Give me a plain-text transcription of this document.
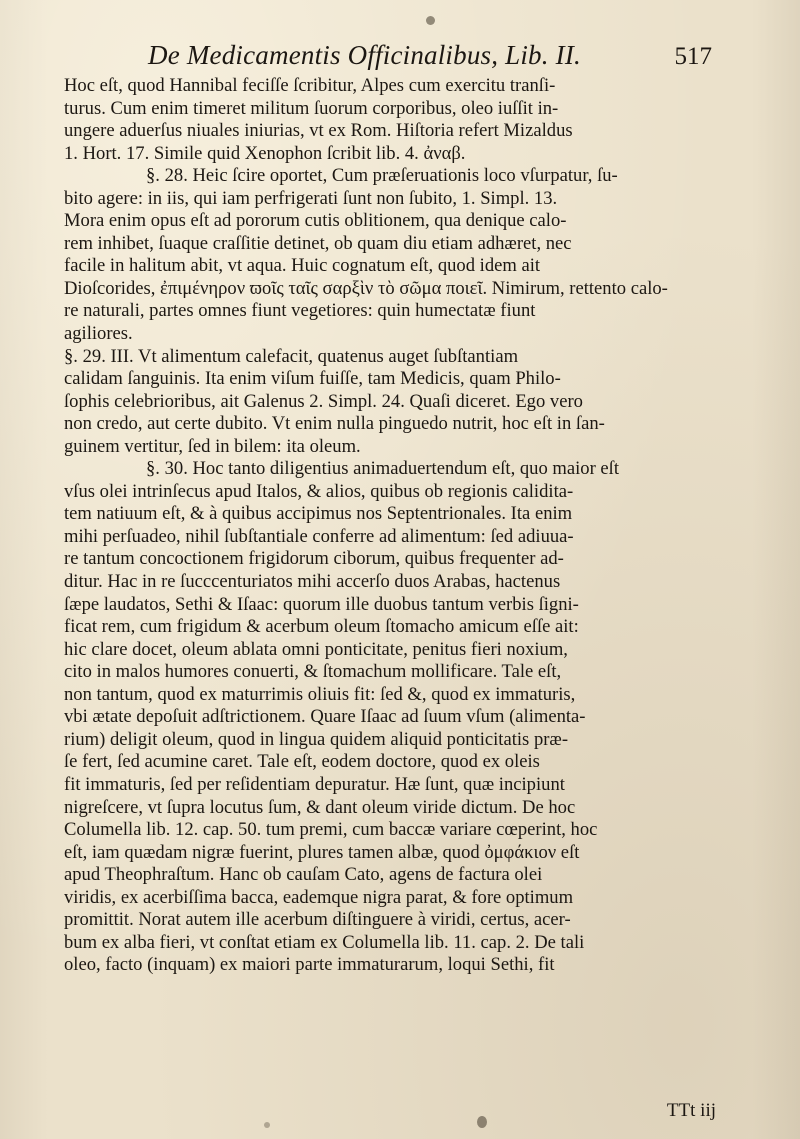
De Medicamentis Officinalibus, Lib. II.	517
Hoc eſt, quod Hannibal feciſſe ſcribitur, Alpes cum exercitu tranſi-
turus. Cum enim timeret militum ſuorum corporibus, oleo iuſſit in-
ungere aduerſus niuales iniurias, vt ex Rom. Hiſtoria refert Mizaldus
1. Hort. 17. Simile quid Xenophon ſcribit lib. 4. ἀναβ.
§. 28. Heic ſcire oportet, Cum præſeruationis loco vſurpatur, ſu-
bito agere: in iis, qui iam perfrigerati ſunt non ſubito, 1. Simpl. 13.
Mora enim opus eſt ad pororum cutis oblitionem, qua denique calo-
rem inhibet, ſuaque craſſitie detinet, ob quam diu etiam adhæret, nec
facile in halitum abit, vt aqua. Huic cognatum eſt, quod idem ait
Dioſcorides, ἐπιμένηρον ϖοῖς ταῖς σαρξὶν τὸ σῶμα ποιεῖ. Nimirum, rettento calo-
re naturali, partes omnes fiunt vegetiores: quin humectatæ fiunt
agiliores.
§. 29. III. Vt alimentum calefacit, quatenus auget ſubſtantiam
calidam ſanguinis. Ita enim viſum fuiſſe, tam Medicis, quam Philo-
ſophis celebrioribus, ait Galenus 2. Simpl. 24. Quaſi diceret. Ego vero
non credo, aut certe dubito. Vt enim nulla pinguedo nutrit, hoc eſt in ſan-
guinem vertitur, ſed in bilem: ita oleum.
§. 30. Hoc tanto diligentius animaduertendum eſt, quo maior eſt
vſus olei intrinſecus apud Italos, & alios, quibus ob regionis calidita-
tem natiuum eſt, & à quibus accipimus nos Septentrionales. Ita enim
mihi perſuadeo, nihil ſubſtantiale conferre ad alimentum: ſed adiuua-
re tantum concoctionem frigidorum ciborum, quibus frequenter ad-
ditur. Hac in re ſucccenturiatos mihi accerſo duos Arabas, hactenus
ſæpe laudatos, Sethi & Iſaac: quorum ille duobus tantum verbis ſigni-
ficat rem, cum frigidum & acerbum oleum ſtomacho amicum eſſe ait:
hic clare docet, oleum ablata omni ponticitate, penitus fieri noxium,
cito in malos humores conuerti, & ſtomachum mollificare. Tale eſt,
non tantum, quod ex maturrimis oliuis fit: ſed &, quod ex immaturis,
vbi ætate depoſuit adſtrictionem. Quare Iſaac ad ſuum vſum (alimenta-
rium) deligit oleum, quod in lingua quidem aliquid ponticitatis præ-
ſe fert, ſed acumine caret. Tale eſt, eodem doctore, quod ex oleis
fit immaturis, ſed per reſidentiam depuratur. Hæ ſunt, quæ incipiunt
nigreſcere, vt ſupra locutus ſum, & dant oleum viride dictum. De hoc
Columella lib. 12. cap. 50. tum premi, cum baccæ variare cœperint, hoc
eſt, iam quædam nigræ fuerint, plures tamen albæ, quod ὀμφάκιον eſt
apud Theophraſtum. Hanc ob cauſam Cato, agens de factura olei
viridis, ex acerbiſſima bacca, eademque nigra parat, & fore optimum
promittit. Norat autem ille acerbum diſtinguere à viridi, certus, acer-
bum ex alba fieri, vt conſtat etiam ex Columella lib. 11. cap. 2. De tali
oleo, facto (inquam) ex maiori parte immaturarum, loqui Sethi, fit
TTt iij
